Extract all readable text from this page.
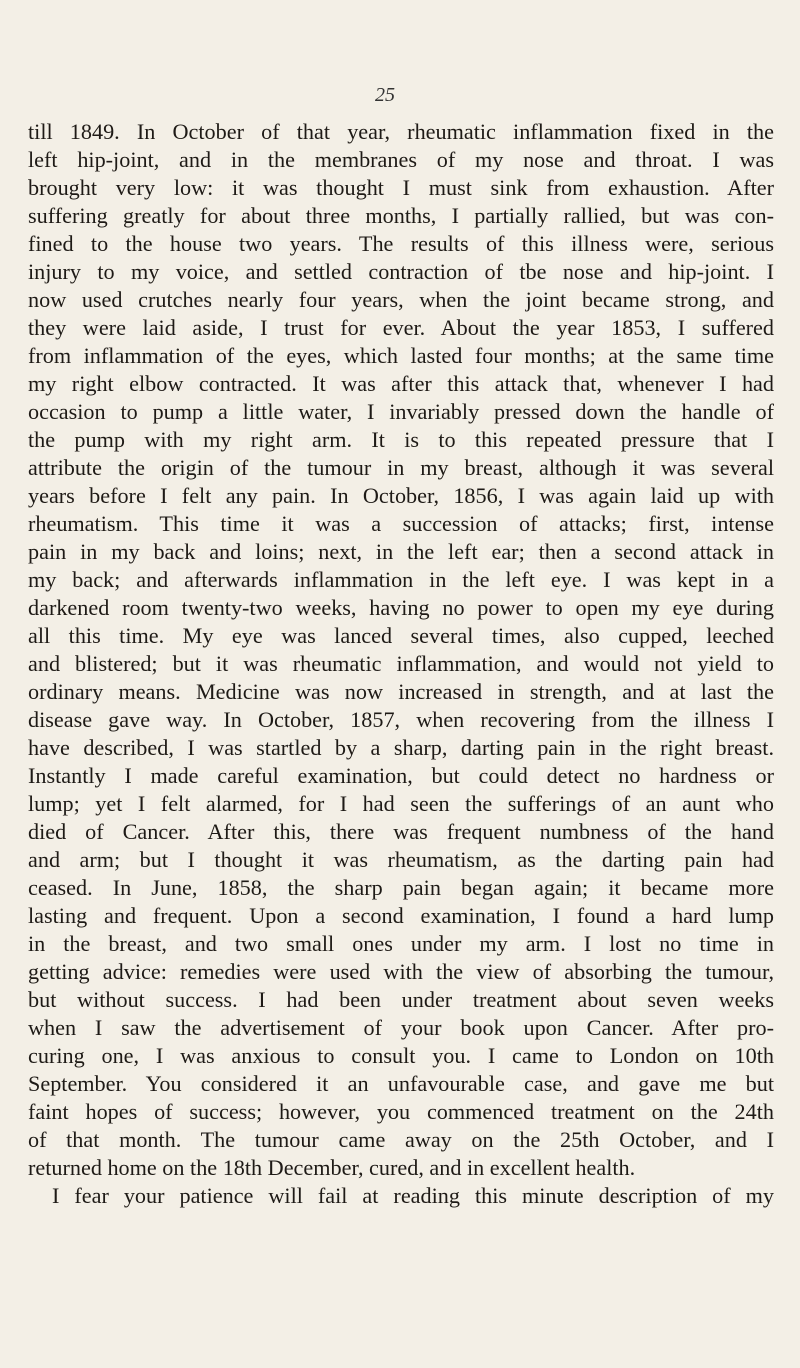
25
till 1849. In October of that year, rheumatic inflammation fixed in the
left hip-joint, and in the membranes of my nose and throat. I was
brought very low: it was thought I must sink from exhaustion. After
suffering greatly for about three months, I partially rallied, but was con-
fined to the house two years. The results of this illness were, serious
injury to my voice, and settled contraction of tbe nose and hip-joint. I
now used crutches nearly four years, when the joint became strong, and
they were laid aside, I trust for ever. About the year 1853, I suffered
from inflammation of the eyes, which lasted four months; at the same time
my right elbow contracted. It was after this attack that, whenever I had
occasion to pump a little water, I invariably pressed down the handle of
the pump with my right arm. It is to this repeated pressure that I
attribute the origin of the tumour in my breast, although it was several
years before I felt any pain. In October, 1856, I was again laid up with
rheumatism. This time it was a succession of attacks; first, intense
pain in my back and loins; next, in the left ear; then a second attack in
my back; and afterwards inflammation in the left eye. I was kept in a
darkened room twenty-two weeks, having no power to open my eye during
all this time. My eye was lanced several times, also cupped, leeched
and blistered; but it was rheumatic inflammation, and would not yield to
ordinary means. Medicine was now increased in strength, and at last the
disease gave way. In October, 1857, when recovering from the illness I
have described, I was startled by a sharp, darting pain in the right breast.
Instantly I made careful examination, but could detect no hardness or
lump; yet I felt alarmed, for I had seen the sufferings of an aunt who
died of Cancer. After this, there was frequent numbness of the hand
and arm; but I thought it was rheumatism, as the darting pain had
ceased. In June, 1858, the sharp pain began again; it became more
lasting and frequent. Upon a second examination, I found a hard lump
in the breast, and two small ones under my arm. I lost no time in
getting advice: remedies were used with the view of absorbing the tumour,
but without success. I had been under treatment about seven weeks
when I saw the advertisement of your book upon Cancer. After pro-
curing one, I was anxious to consult you. I came to London on 10th
September. You considered it an unfavourable case, and gave me but
faint hopes of success; however, you commenced treatment on the 24th
of that month. The tumour came away on the 25th October, and I
returned home on the 18th December, cured, and in excellent health.
I fear your patience will fail at reading this minute description of my
